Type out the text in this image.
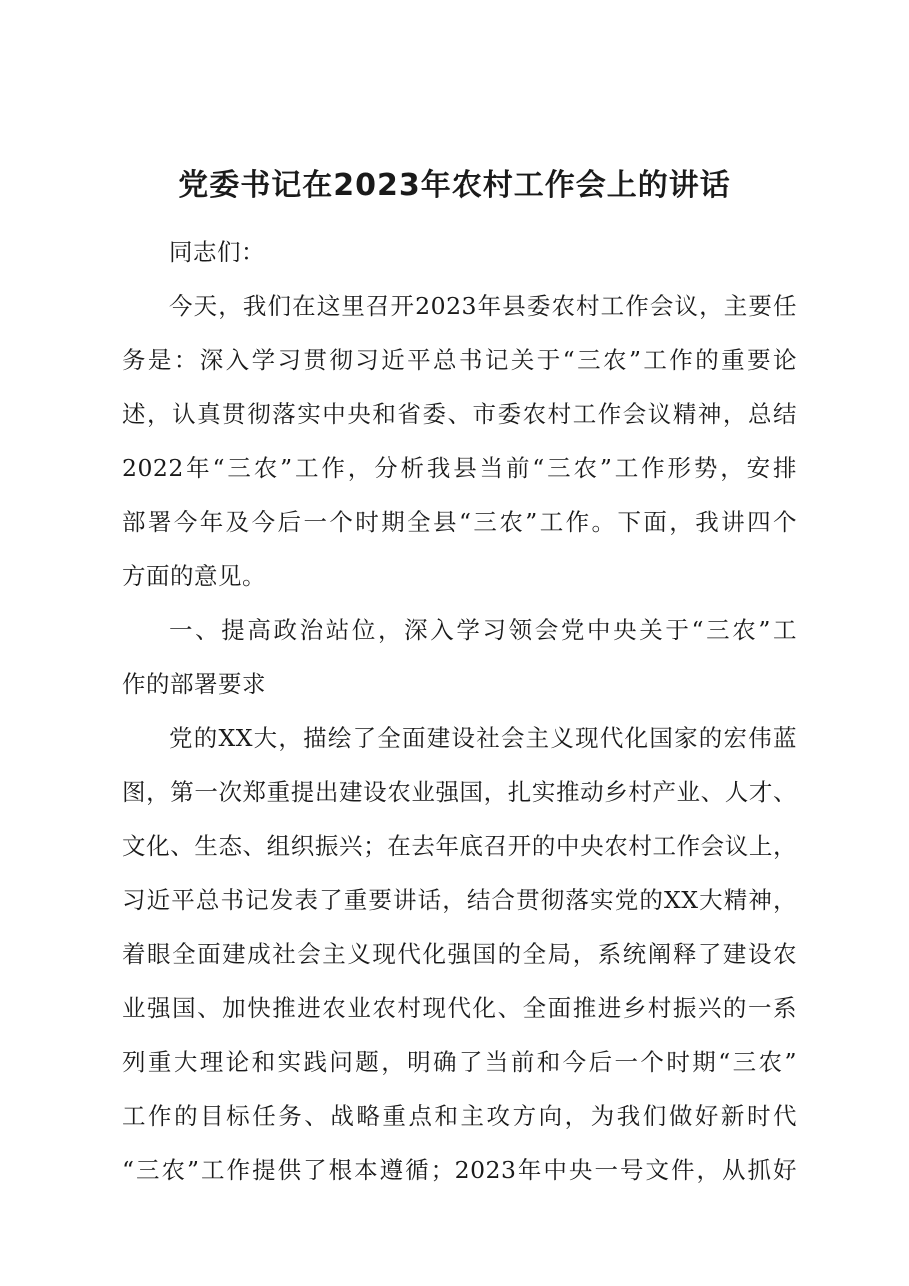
党委书记在2023年农村工作会上的讲话
同志们：
今天，我们在这里召开2023年县委农村工作会议，主要任
务是：深入学习贯彻习近平总书记关于“三农”工作的重要论
述，认真贯彻落实中央和省委、市委农村工作会议精神，总结
2022年“三农”工作，分析我县当前“三农”工作形势，安排
部署今年及今后一个时期全县“三农”工作。下面，我讲四个
方面的意见。
一、提高政治站位，深入学习领会党中央关于“三农”工
作的部署要求
党的XX大，描绘了全面建设社会主义现代化国家的宏伟蓝
图，第一次郑重提出建设农业强国，扎实推动乡村产业、人才、
文化、生态、组织振兴；在去年底召开的中央农村工作会议上，
习近平总书记发表了重要讲话，结合贯彻落实党的XX大精神，
着眼全面建成社会主义现代化强国的全局，系统阐释了建设农
业强国、加快推进农业农村现代化、全面推进乡村振兴的一系
列重大理论和实践问题，明确了当前和今后一个时期“三农”
工作的目标任务、战略重点和主攻方向，为我们做好新时代
“三农”工作提供了根本遵循；2023年中央一号文件，从抓好
